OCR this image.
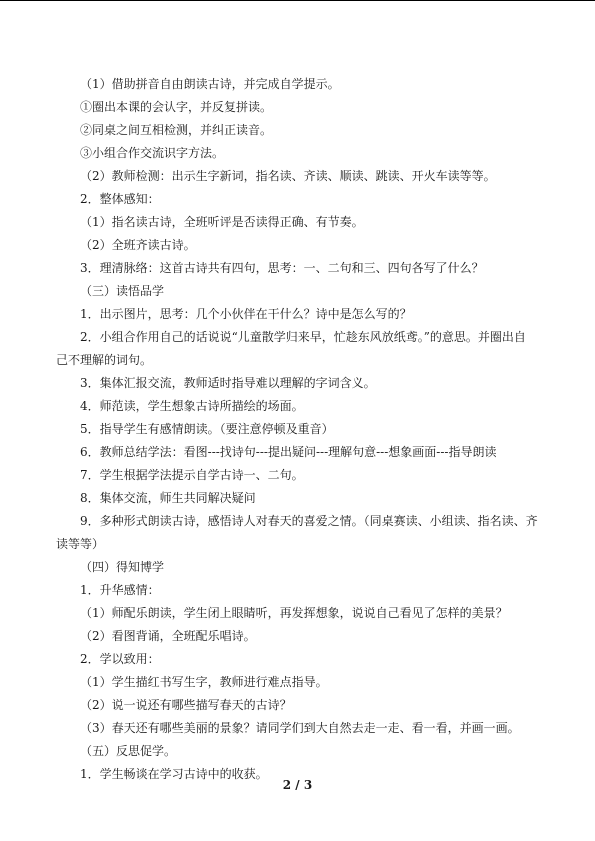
（1）借助拼音自由朗读古诗，并完成自学提示。
①圈出本课的会认字，并反复拼读。
②同桌之间互相检测，并纠正读音。
③小组合作交流识字方法。
（2）教师检测：出示生字新词，指名读、齐读、顺读、跳读、开火车读等等。
2．整体感知：
（1）指名读古诗，全班听评是否读得正确、有节奏。
（2）全班齐读古诗。
3．理清脉络：这首古诗共有四句，思考：一、二句和三、四句各写了什么？
（三）读悟品学
1．出示图片，思考：几个小伙伴在干什么？诗中是怎么写的？
2．小组合作用自己的话说说“儿童散学归来早，忙趁东风放纸鸢。”的意思。并圈出自
己不理解的词句。
3．集体汇报交流，教师适时指导难以理解的字词含义。
4．师范读，学生想象古诗所描绘的场面。
5．指导学生有感情朗读。（要注意停顿及重音）
6．教师总结学法：看图---找诗句---提出疑问---理解句意---想象画面---指导朗读
7．学生根据学法提示自学古诗一、二句。
8．集体交流，师生共同解决疑问
9．多种形式朗读古诗，感悟诗人对春天的喜爱之情。（同桌赛读、小组读、指名读、齐
读等等）
（四）得知博学
1．升华感情：
（1）师配乐朗读，学生闭上眼睛听，再发挥想象，说说自己看见了怎样的美景？
（2）看图背诵，全班配乐唱诗。
2．学以致用：
（1）学生描红书写生字，教师进行难点指导。
（2）说一说还有哪些描写春天的古诗？
（3）春天还有哪些美丽的景象？请同学们到大自然去走一走、看一看，并画一画。
（五）反思促学。
1．学生畅谈在学习古诗中的收获。
2 / 3
